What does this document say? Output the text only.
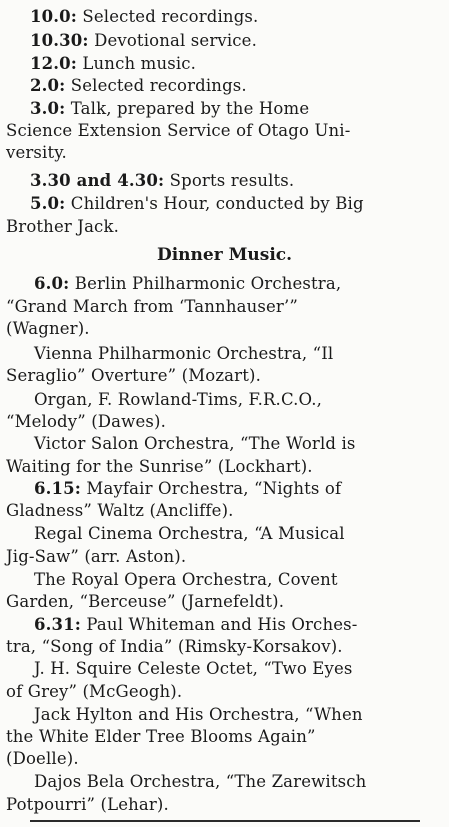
10.0: Selected recordings.
10.30: Devotional service.
12.0: Lunch music.
2.0: Selected recordings.
3.0: Talk, prepared by the Home
Science Extension Service of Otago Uni-
versity.
3.30 and 4.30: Sports results.
5.0: Children's Hour, conducted by Big
Brother Jack.
6.0: Berlin Philharmonic Orchestra,
“Grand March from ‘Tannhauser’”
(Wagner).
Vienna Philharmonic Orchestra, “Il
Seraglio” Overture” (Mozart).
Organ, F. Rowland-Tims, F.R.C.O.,
“Melody” (Dawes).
Victor Salon Orchestra, “The World is
Waiting for the Sunrise” (Lockhart).
6.15: Mayfair Orchestra, “Nights of
Gladness” Waltz (Ancliffe).
Regal Cinema Orchestra, “A Musical
Jig-Saw” (arr. Aston).
The Royal Opera Orchestra, Covent
Garden, “Berceuse” (Jarnefeldt).
6.31: Paul Whiteman and His Orches-
tra, “Song of India” (Rimsky-Korsakov).
J. H. Squire Celeste Octet, “Two Eyes
of Grey” (McGeogh).
Jack Hylton and His Orchestra, “When
the White Elder Tree Blooms Again”
(Doelle).
Dajos Bela Orchestra, “The Zarewitsch
Potpourri” (Lehar).
Dinner Music.
